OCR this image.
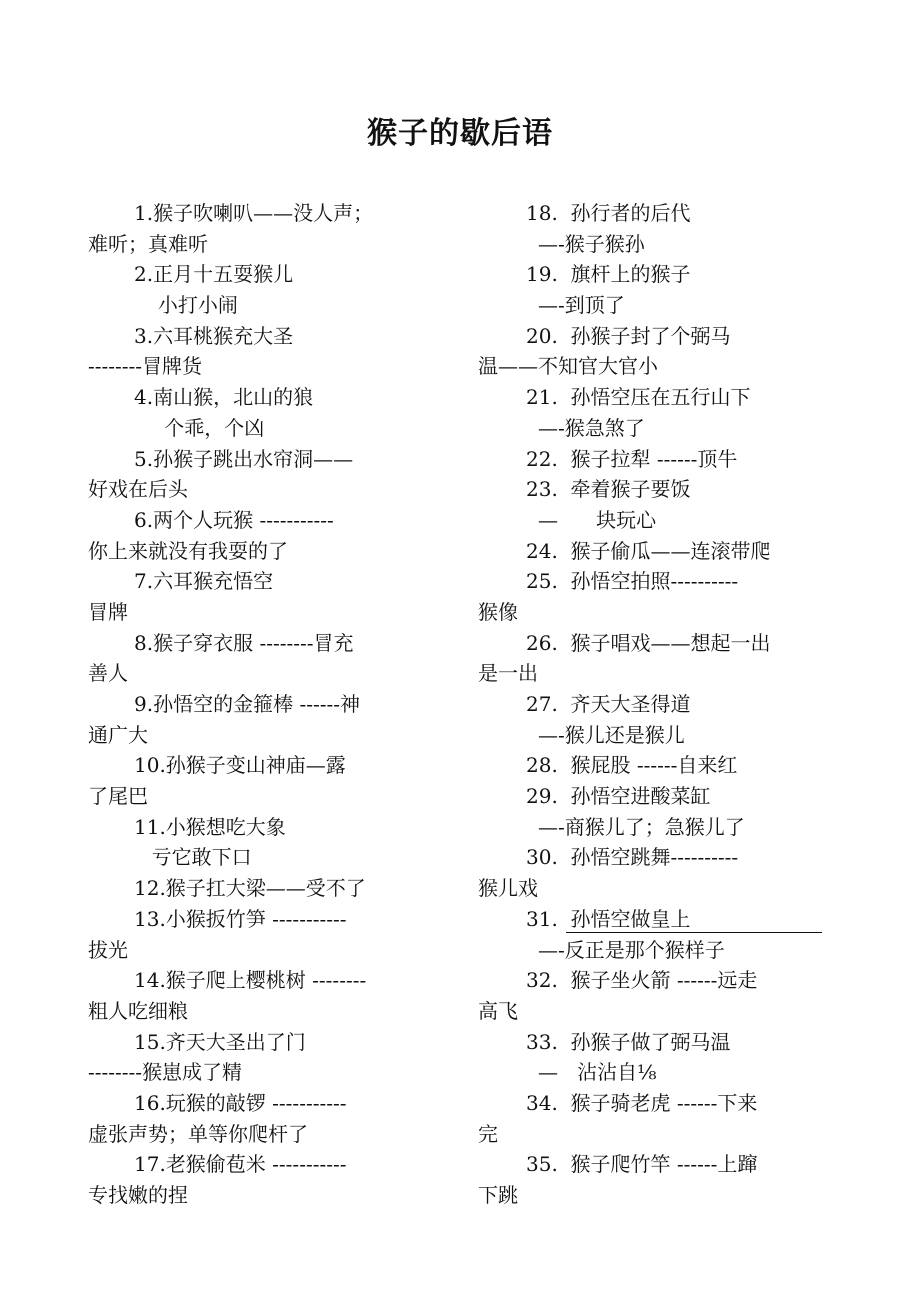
猴子的歇后语
1.猴子吹喇叭——没人声；
难听；真难听
2.正月十五耍猴儿
小打小闹
3.六耳桃猴充大圣
--------冒牌货
4.南山猴，北山的狼
个乖，个凶
5.孙猴子跳出水帘洞——
好戏在后头
6.两个人玩猴 -----------
你上来就没有我耍的了
7.六耳猴充悟空
冒牌
8.猴子穿衣服 --------冒充
善人
9.孙悟空的金箍棒 ------神
通广大
10.孙猴子变山神庙—露
了尾巴
11.小猴想吃大象
亏它敢下口
12.猴子扛大梁——受不了
13.小猴扳竹笋 -----------
拔光
14.猴子爬上樱桃树 --------
粗人吃细粮
15.齐天大圣出了门
--------猴崽成了精
16.玩猴的敲锣 -----------
虚张声势；单等你爬杆了
17.老猴偷苞米 -----------
专找嫩的捏
18.  孙行者的后代
—-猴子猴孙
19.  旗杆上的猴子
—-到顶了
20.  孙猴子封了个弼马
温——不知官大官小
21.  孙悟空压在五行山下
—-猴急煞了
22.  猴子拉犁 ------顶牛
23.  牵着猴子要饭
—      块玩心
24.  猴子偷瓜——连滚带爬
25.  孙悟空拍照----------
猴像
26.  猴子唱戏——想起一出
是一出
27.  齐天大圣得道
—-猴儿还是猴儿
28.  猴屁股 ------自来红
29.  孙悟空进酸菜缸
—-商猴儿了；急猴儿了
30.  孙悟空跳舞----------
猴儿戏
31.  孙悟空做皇上
—-反正是那个猴样子
32.  猴子坐火箭 ------远走
高飞
33.  孙猴子做了弼马温
—   沾沾自⅛
34.  猴子骑老虎 ------下来
完
35.  猴子爬竹竿 ------上蹿
下跳
